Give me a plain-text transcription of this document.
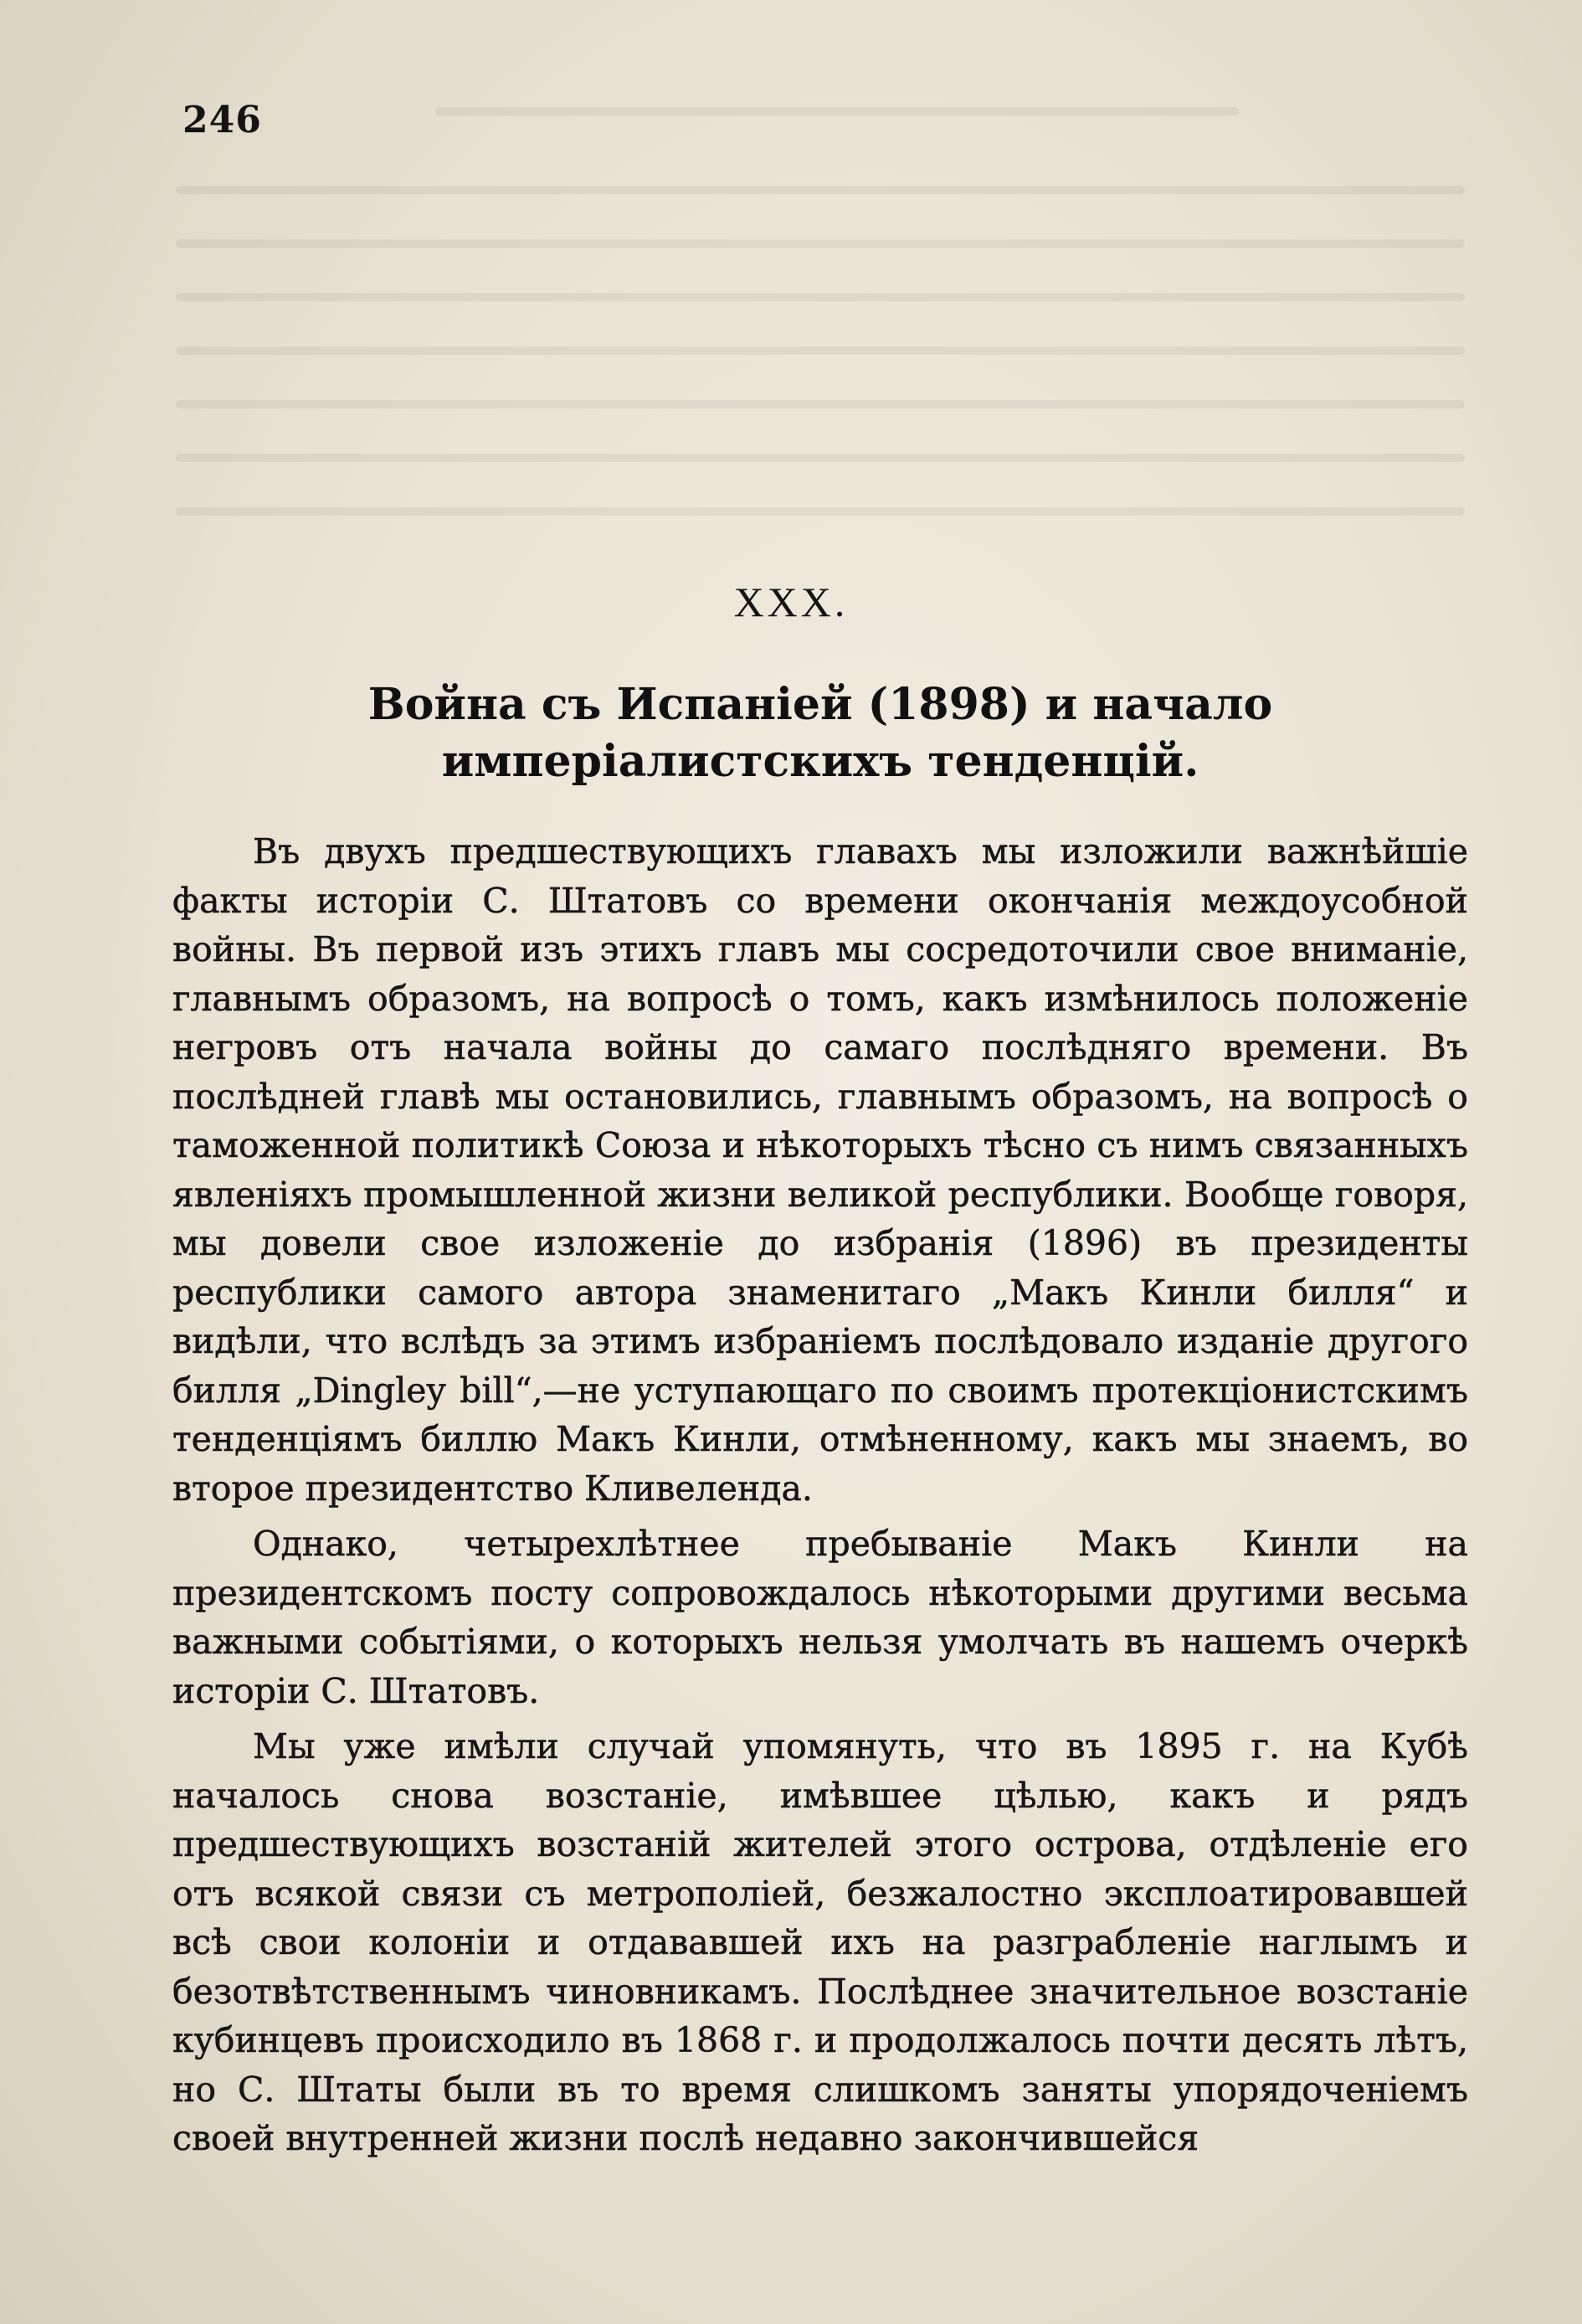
246
XXX.
Война съ Испаніей (1898) и начало имперіалистскихъ тенденцій.

Въ двухъ предшествующихъ главахъ мы изложили важнѣйшіе факты исторіи С. Штатовъ со времени окончанія междоусобной войны. Въ первой изъ этихъ главъ мы сосредоточили свое вниманіе, главнымъ образомъ, на вопросѣ о томъ, какъ измѣнилось положеніе негровъ отъ начала войны до самаго послѣдняго времени. Въ послѣдней главѣ мы остановились, главнымъ образомъ, на вопросѣ о таможенной политикѣ Союза и нѣкоторыхъ тѣсно съ нимъ связанныхъ явленіяхъ промышленной жизни великой республики. Вообще говоря, мы довели свое изложеніе до избранія (1896) въ президенты республики самого автора знаменитаго „Макъ Кинли билля“ и видѣли, что вслѣдъ за этимъ избраніемъ послѣдовало изданіе другого билля „Dingley bill“,—не уступающаго по своимъ протекціонистскимъ тенденціямъ биллю Макъ Кинли, отмѣненному, какъ мы знаемъ, во второе президентство Кливеленда.

Однако, четырехлѣтнее пребываніе Макъ Кинли на президентскомъ посту сопровождалось нѣкоторыми другими весьма важными событіями, о которыхъ нельзя умолчать въ нашемъ очеркѣ исторіи С. Штатовъ.

Мы уже имѣли случай упомянуть, что въ 1895 г. на Кубѣ началось снова возстаніе, имѣвшее цѣлью, какъ и рядъ предшествующихъ возстаній жителей этого острова, отдѣленіе его отъ всякой связи съ метрополіей, безжалостно эксплоатировавшей всѣ свои колоніи и отдававшей ихъ на разграбленіе наглымъ и безотвѣтственнымъ чиновникамъ. Послѣднее значительное возстаніе кубинцевъ происходило въ 1868 г. и продолжалось почти десять лѣтъ, но С. Штаты были въ то время слишкомъ заняты упорядоченіемъ своей внутренней жизни послѣ недавно закончившейся
